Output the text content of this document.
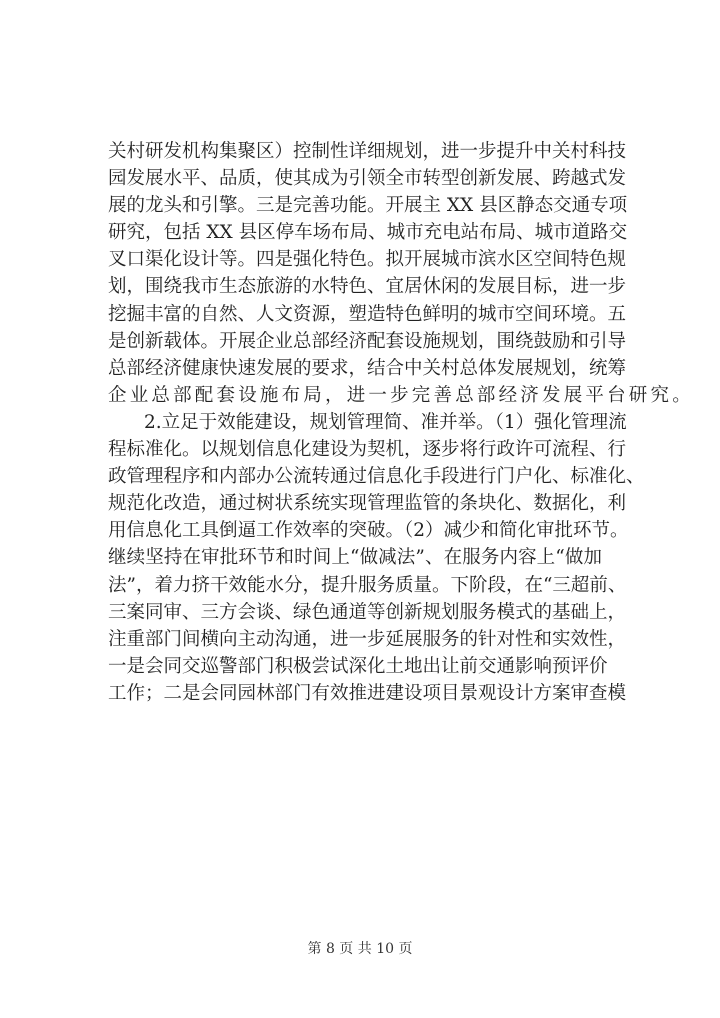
关村研发机构集聚区）控制性详细规划，进一步提升中关村科技
园发展水平、品质，使其成为引领全市转型创新发展、跨越式发
展的龙头和引擎。三是完善功能。开展主 XX 县区静态交通专项
研究，包括 XX 县区停车场布局、城市充电站布局、城市道路交
叉口渠化设计等。四是强化特色。拟开展城市滨水区空间特色规
划，围绕我市生态旅游的水特色、宜居休闲的发展目标，进一步
挖掘丰富的自然、人文资源，塑造特色鲜明的城市空间环境。五
是创新载体。开展企业总部经济配套设施规划，围绕鼓励和引导
总部经济健康快速发展的要求，结合中关村总体发展规划，统筹
企业总部配套设施布局，进一步完善总部经济发展平台研究。
2.立足于效能建设，规划管理简、准并举。（1）强化管理流
程标准化。以规划信息化建设为契机，逐步将行政许可流程、行
政管理程序和内部办公流转通过信息化手段进行门户化、标准化、
规范化改造，通过树状系统实现管理监管的条块化、数据化，利
用信息化工具倒逼工作效率的突破。（2）减少和简化审批环节。
继续坚持在审批环节和时间上“做减法”、在服务内容上“做加
法”，着力挤干效能水分，提升服务质量。下阶段，在“三超前、
三案同审、三方会谈、绿色通道等创新规划服务模式的基础上，
注重部门间横向主动沟通，进一步延展服务的针对性和实效性，
一是会同交巡警部门积极尝试深化土地出让前交通影响预评价
工作；二是会同园林部门有效推进建设项目景观设计方案审查模
第 8 页 共 10 页
